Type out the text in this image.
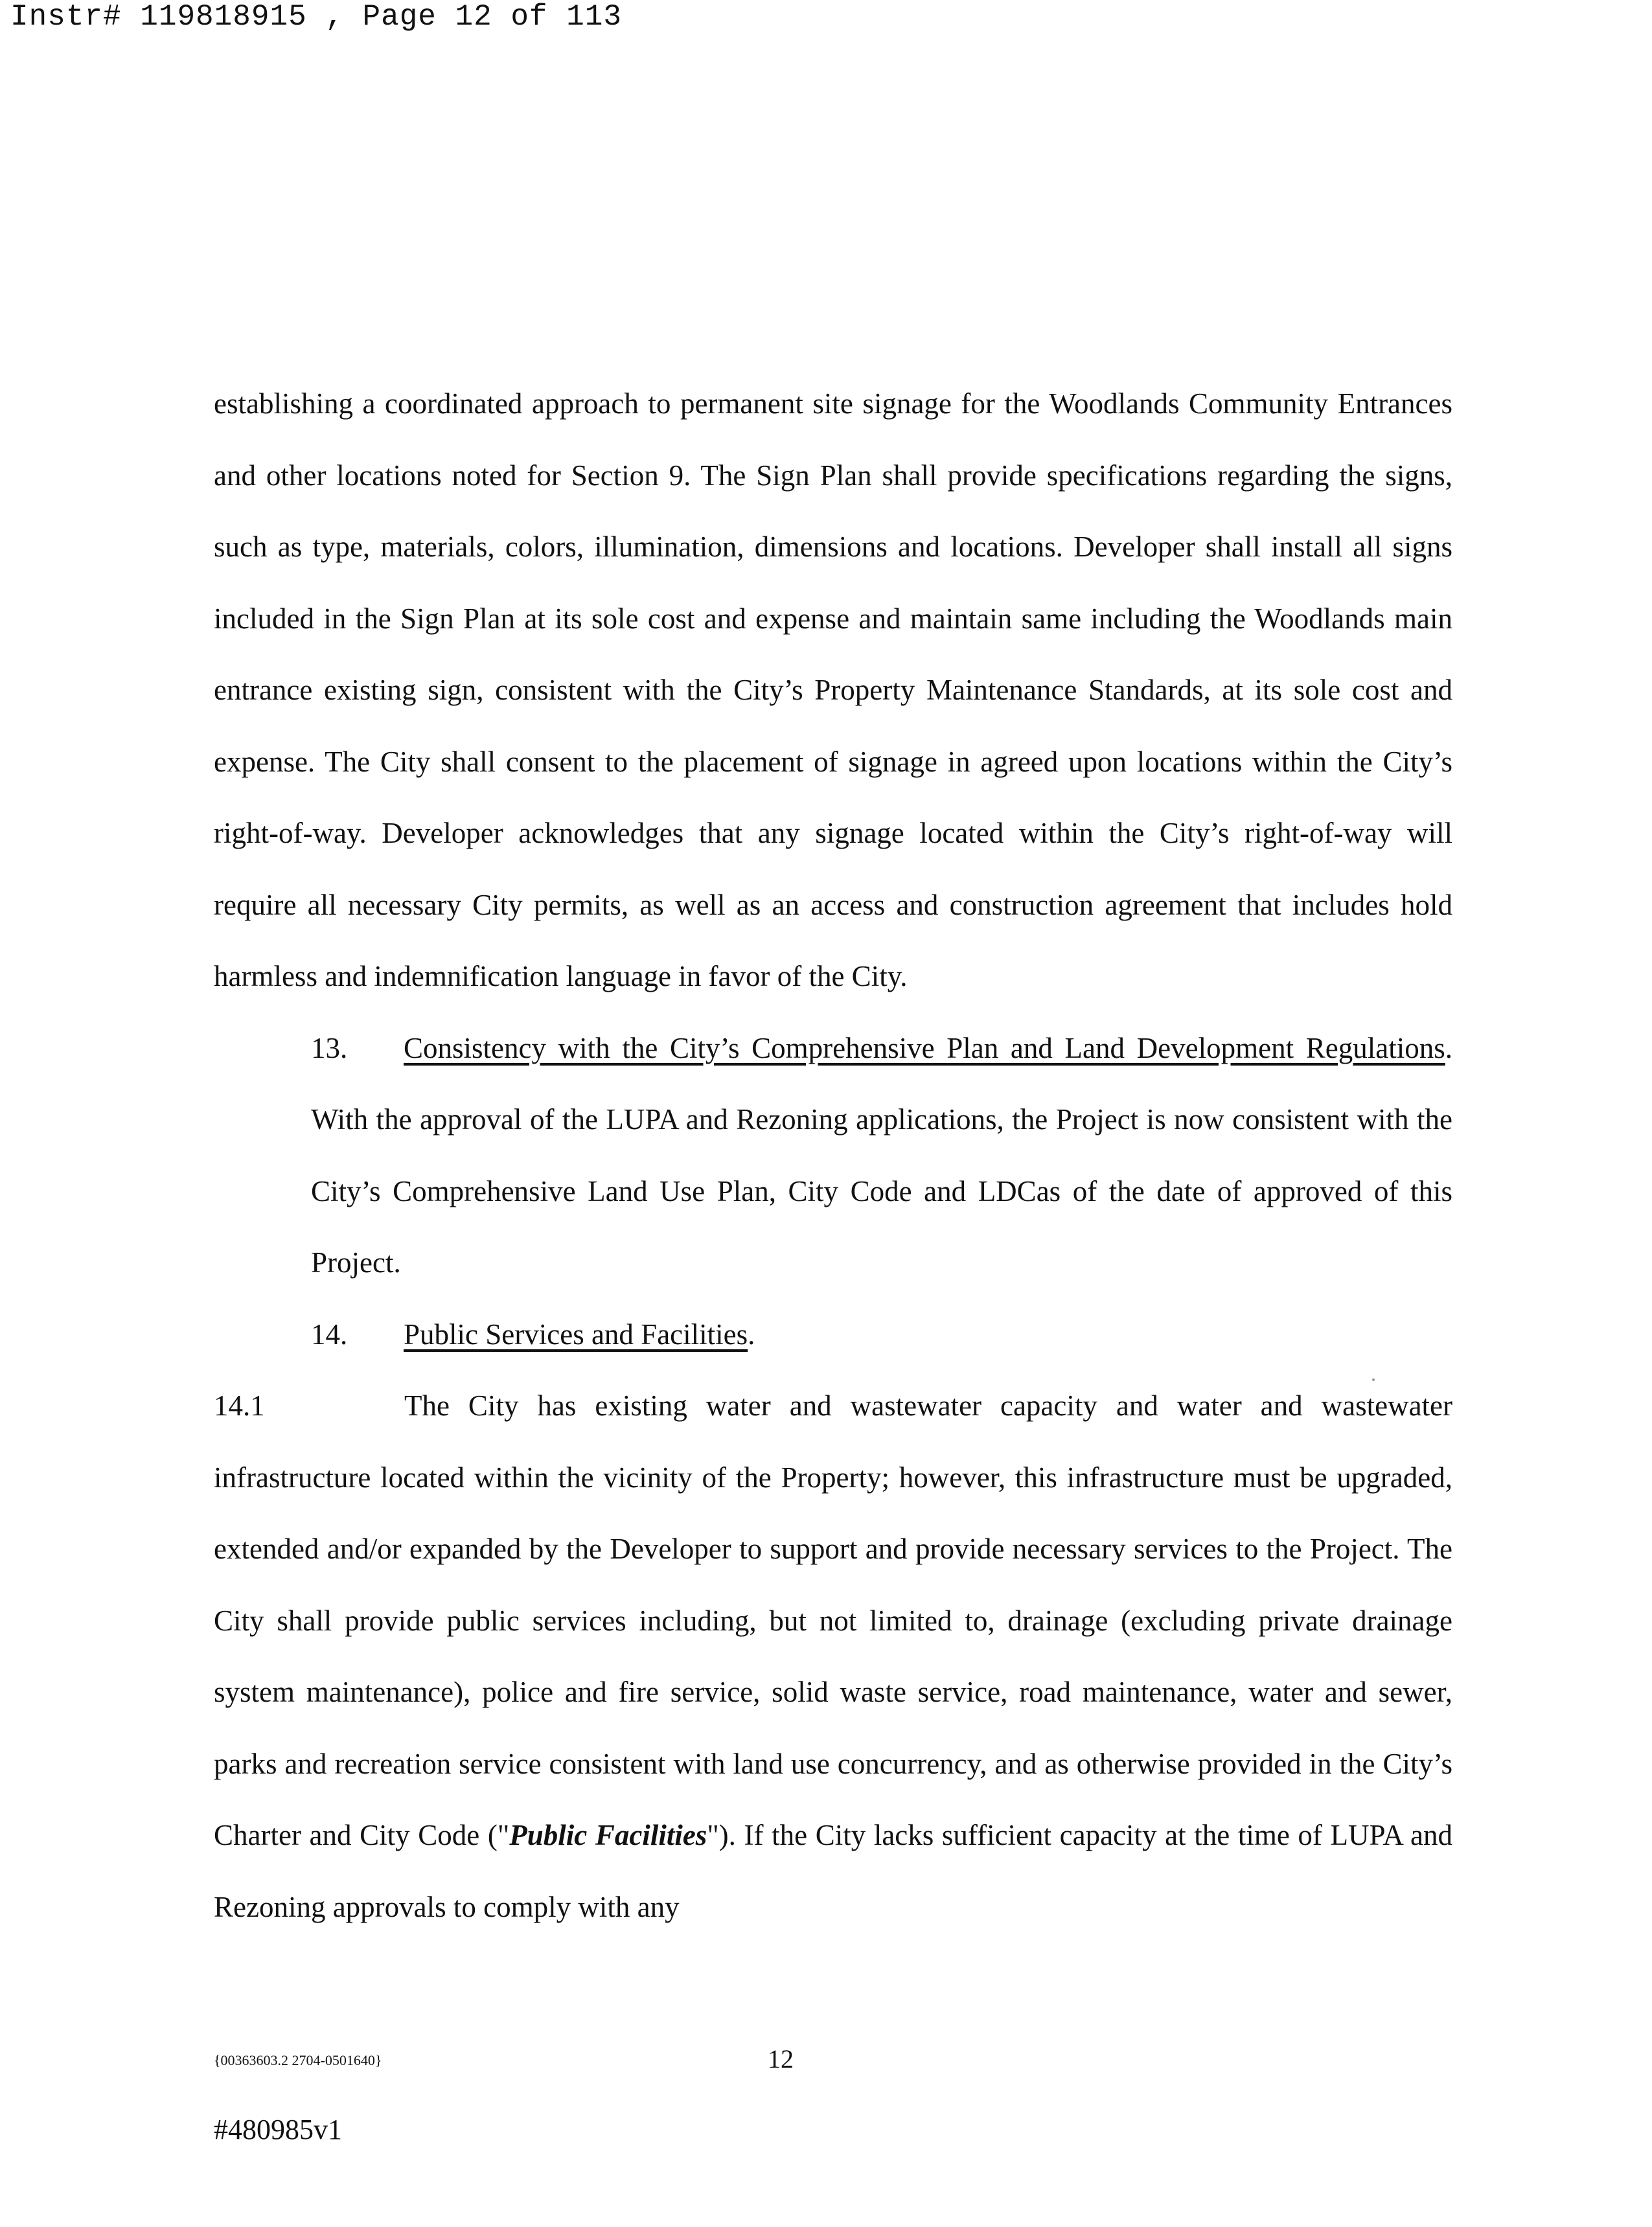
Instr# 119818915 , Page 12 of 113

establishing a coordinated approach to permanent site signage for the Woodlands Community Entrances and other locations noted for Section 9. The Sign Plan shall provide specifications regarding the signs, such as type, materials, colors, illumination, dimensions and locations. Developer shall install all signs included in the Sign Plan at its sole cost and expense and maintain same including the Woodlands main entrance existing sign, consistent with the City’s Property Maintenance Standards, at its sole cost and expense. The City shall consent to the placement of signage in agreed upon locations within the City’s right-of-way. Developer acknowledges that any signage located within the City’s right-of-way will require all necessary City permits, as well as an access and construction agreement that includes hold harmless and indemnification language in favor of the City.

13. Consistency with the City’s Comprehensive Plan and Land Development Regulations. With the approval of the LUPA and Rezoning applications, the Project is now consistent with the City’s Comprehensive Land Use Plan, City Code and LDCas of the date of approved of this Project.

14. Public Services and Facilities.

14.1	The City has existing water and wastewater capacity and water and wastewater infrastructure located within the vicinity of the Property; however, this infrastructure must be upgraded, extended and/or expanded by the Developer to support and provide necessary services to the Project. The City shall provide public services including, but not limited to, drainage (excluding private drainage system maintenance), police and fire service, solid waste service, road maintenance, water and sewer, parks and recreation service consistent with land use concurrency, and as otherwise provided in the City’s Charter and City Code ("Public Facilities"). If the City lacks sufficient capacity at the time of LUPA and Rezoning approvals to comply with any

{00363603.2 2704-0501640}	12
#480985v1
